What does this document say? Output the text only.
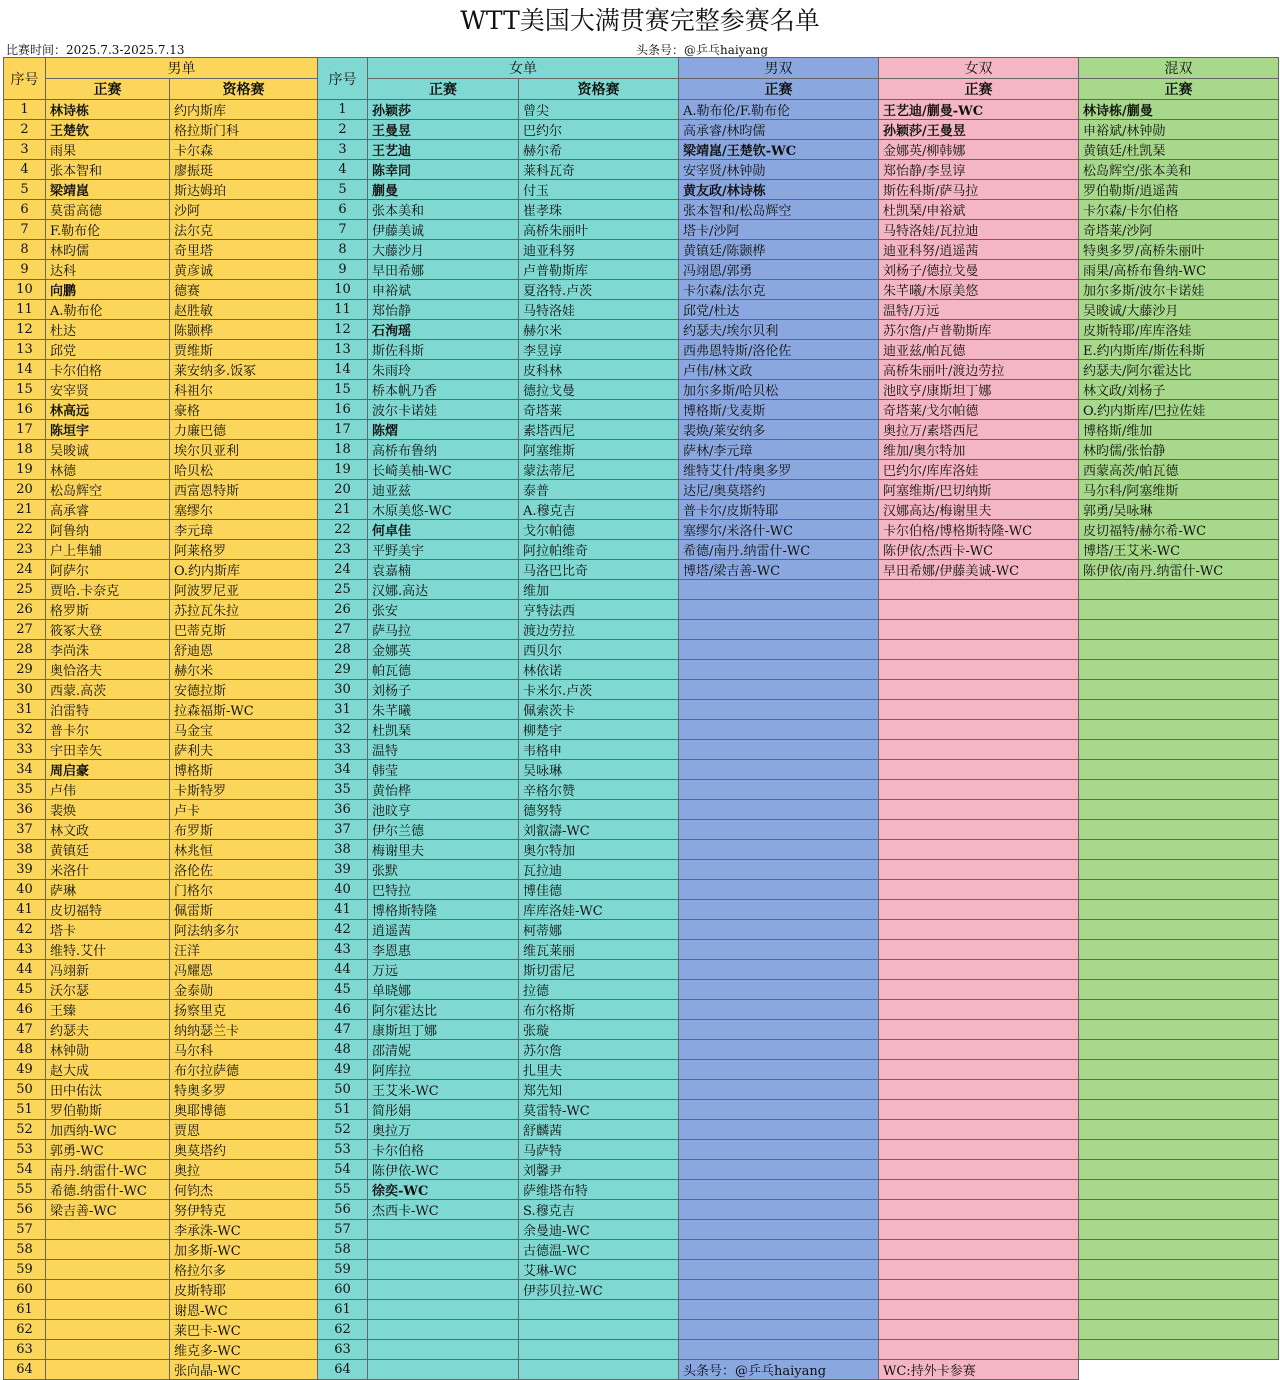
WTT美国大满贯赛完整参赛名单
比赛时间：2025.7.3-2025.7.13	头条号：@乒乓haiyang
序号	男单		序号	女单		男双	女双	混双
	正赛	资格赛		正赛	资格赛	正赛	正赛	正赛
1	林诗栋	约内斯库	1	孙颖莎	曾尖	A.勒布伦/F.勒布伦	王艺迪/蒯曼-WC	林诗栋/蒯曼
2	王楚钦	格拉斯门科	2	王曼昱	巴约尔	高承睿/林昀儒	孙颖莎/王曼昱	申裕斌/林钟勋
3	雨果	卡尔森	3	王艺迪	赫尔希	梁靖崑/王楚钦-WC	金娜英/柳韩娜	黄镇廷/杜凯琹
4	张本智和	廖振珽	4	陈幸同	莱科瓦奇	安宰贤/林钟勋	郑怡静/李昱谆	松岛辉空/张本美和
5	梁靖崑	斯达姆珀	5	蒯曼	付玉	黄友政/林诗栋	斯佐科斯/萨马拉	罗伯勒斯/逍遥茜
6	莫雷高德	沙阿	6	张本美和	崔孝珠	张本智和/松岛辉空	杜凯琹/申裕斌	卡尔森/卡尔伯格
7	F.勒布伦	法尔克	7	伊藤美诚	高桥朱丽叶	塔卡/沙阿	马特洛娃/瓦拉迪	奇塔莱/沙阿
8	林昀儒	奇里塔	8	大藤沙月	迪亚科努	黄镇廷/陈颢桦	迪亚科努/逍遥茜	特奥多罗/高桥朱丽叶
9	达科	黄彦诚	9	早田希娜	卢普勒斯库	冯翊恩/郭勇	刘杨子/德拉戈曼	雨果/高桥布鲁纳-WC
10	向鹏	德赛	10	申裕斌	夏洛特.卢茨	卡尔森/法尔克	朱芊曦/木原美悠	加尔多斯/波尔卡诺娃
11	A.勒布伦	赵胜敏	11	郑怡静	马特洛娃	邱党/杜达	温特/万远	吴晙诚/大藤沙月
12	杜达	陈颢桦	12	石洵瑶	赫尔米	约瑟夫/埃尔贝利	苏尔詹/卢普勒斯库	皮斯特耶/库库洛娃
13	邱党	贾维斯	13	斯佐科斯	李昱谆	西弗恩特斯/洛伦佐	迪亚兹/帕瓦德	E.约内斯库/斯佐科斯
14	卡尔伯格	莱安纳多.饭冢	14	朱雨玲	皮科林	卢伟/林文政	高桥朱丽叶/渡边劳拉	约瑟夫/阿尔霍达比
15	安宰贤	科祖尔	15	桥本帆乃香	德拉戈曼	加尔多斯/哈贝松	池旼亨/康斯坦丁娜	林文政/刘杨子
16	林高远	豪格	16	波尔卡诺娃	奇塔莱	博格斯/戈麦斯	奇塔莱/戈尔帕德	O.约内斯库/巴拉佐娃
17	陈垣宇	力廉巴德	17	陈熠	素塔西尼	裴焕/莱安纳多	奥拉万/素塔西尼	博格斯/维加
18	吴晙诚	埃尔贝亚利	18	高桥布鲁纳	阿塞维斯	萨林/李元璋	维加/奥尔特加	林昀儒/张怡静
19	林德	哈贝松	19	长崎美柚-WC	蒙法蒂尼	维特艾什/特奥多罗	巴约尔/库库洛娃	西蒙高茨/帕瓦德
20	松岛辉空	西富恩特斯	20	迪亚兹	泰普	达尼/奥莫塔约	阿塞维斯/巴切纳斯	马尔科/阿塞维斯
21	高承睿	塞缪尔	21	木原美悠-WC	A.穆克吉	普卡尔/皮斯特耶	汉娜高达/梅谢里夫	郭勇/吴咏琳
22	阿鲁纳	李元璋	22	何卓佳	戈尔帕德	塞缪尔/米洛什-WC	卡尔伯格/博格斯特隆-WC	皮切福特/赫尔希-WC
23	户上隼辅	阿莱格罗	23	平野美宇	阿拉帕维奇	希德/南丹.纳雷什-WC	陈伊依/杰西卡-WC	博塔/王艾米-WC
24	阿萨尔	O.约内斯库	24	袁嘉楠	马洛巴比奇	博塔/梁吉善-WC	早田希娜/伊藤美诚-WC	陈伊依/南丹.纳雷什-WC
25	贾哈.卡奈克	阿波罗尼亚	25	汉娜.高达	维加			
26	格罗斯	苏拉瓦朱拉	26	张安	亨特法西			
27	筱冢大登	巴蒂克斯	27	萨马拉	渡边劳拉			
28	李尚洙	舒迪恩	28	金娜英	西贝尔			
29	奥恰洛夫	赫尔米	29	帕瓦德	林依诺			
30	西蒙.高茨	安德拉斯	30	刘杨子	卡米尔.卢茨			
31	泊雷特	拉森福斯-WC	31	朱芊曦	佩索茨卡			
32	普卡尔	马金宝	32	杜凯琹	柳楚宇			
33	宇田幸矢	萨利夫	33	温特	韦格申			
34	周启豪	博格斯	34	韩莹	吴咏琳			
35	卢伟	卡斯特罗	35	黄怡桦	辛格尔赞			
36	裴焕	卢卡	36	池旼亨	德努特			
37	林文政	布罗斯	37	伊尔兰德	刘叡濤-WC			
38	黄镇廷	林兆恒	38	梅谢里夫	奥尔特加			
39	米洛什	洛伦佐	39	张默	瓦拉迪			
40	萨琳	门格尔	40	巴特拉	博佳德			
41	皮切福特	佩雷斯	41	博格斯特隆	库库洛娃-WC			
42	塔卡	阿法纳多尔	42	逍遥茜	柯蒂娜			
43	维特.艾什	汪洋	43	李恩惠	维瓦莱丽			
44	冯翊新	冯耀恩	44	万远	斯切雷尼			
45	沃尔瑟	金泰勋	45	单晓娜	拉德			
46	王臻	扬察里克	46	阿尔霍达比	布尔格斯			
47	约瑟夫	纳纳瑟兰卡	47	康斯坦丁娜	张璇			
48	林钟勋	马尔科	48	邵清妮	苏尔詹			
49	赵大成	布尔拉萨德	49	阿库拉	扎里夫			
50	田中佑汰	特奥多罗	50	王艾米-WC	郑先知			
51	罗伯勒斯	奥耶博德	51	简彤娟	莫雷特-WC			
52	加西纳-WC	贾恩	52	奥拉万	舒麟茜			
53	郭勇-WC	奥莫塔约	53	卡尔伯格	马萨特			
54	南丹.纳雷什-WC	奥拉	54	陈伊依-WC	刘馨尹			
55	希德.纳雷什-WC	何钧杰	55	徐奕-WC	萨维塔布特			
56	梁吉善-WC	努伊特克	56	杰西卡-WC	S.穆克吉			
57		李承洙-WC	57		余曼迪-WC			
58		加多斯-WC	58		古德温-WC			
59		格拉尔多	59		艾琳-WC			
60		皮斯特耶	60		伊莎贝拉-WC			
61		谢恩-WC	61					
62		莱巴卡-WC	62					
63		维克多-WC	63					
64		张向晶-WC	64			头条号：@乒乓haiyang	WC:持外卡参赛	
